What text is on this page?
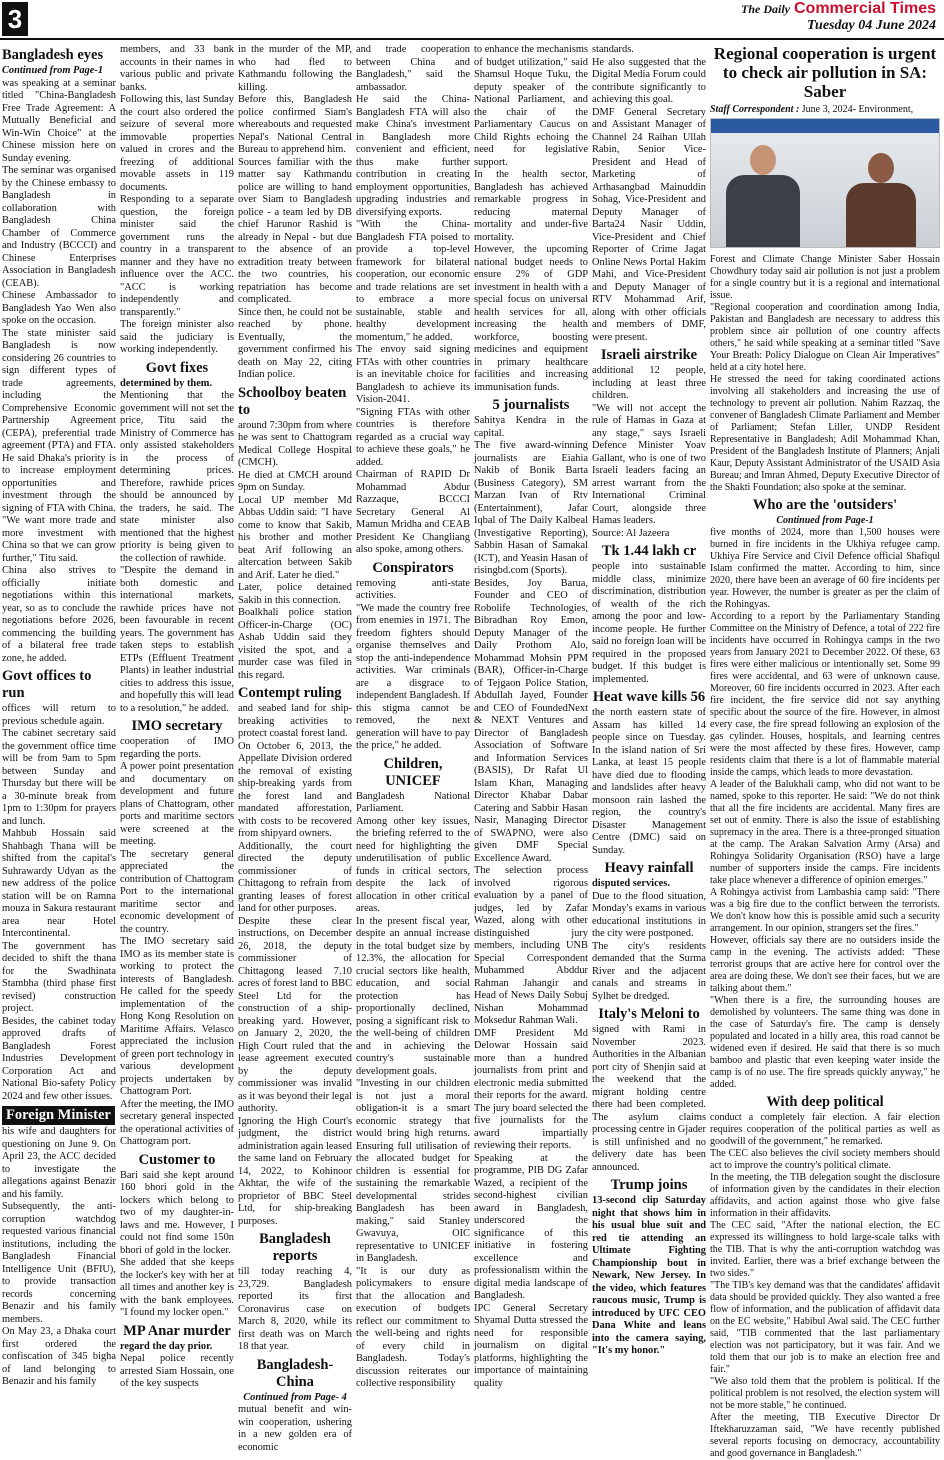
3	The Daily Commercial Times
Tuesday 04 June 2024
Bangladesh eyes

Continued from Page-1

was speaking at a seminar titled "China-Bangladesh Free Trade Agreement: A Mutually Beneficial and Win-Win Choice" at the Chinese mission here on Sunday evening.

The seminar was organised by the Chinese embassy to Bangladesh in collaboration with Bangladesh China Chamber of Commerce and Industry (BCCCI) and Chinese Enterprises Association in Bangladesh (CEAB).

Chinese Ambassador to Bangladesh Yao Wen also spoke on the occasion.

The state minister said Bangladesh is now considering 26 countries to sign different types of trade agreements, including the Comprehensive Economic Partnership Agreement (CEPA), preferential trade agreement (PTA) and FTA. He said Dhaka's priority is to increase employment opportunities and investment through the signing of FTA with China.

"We want more trade and more investment with China so that we can grow further," Titu said.

China also strives to officially initiate negotiations within this year, so as to conclude the negotiations before 2026, commencing the building of a bilateral free trade zone, he added.

Govt offices to run

offices will return to previous schedule again.

The cabinet secretary said the government office time will be from 9am to 5pm between Sunday and Thursday but there will be a 30-minute break from 1pm to 1:30pm for prayers and lunch.

Mahbub Hossain said Shahbagh Thana will be shifted from the capital's Suhrawardy Udyan as the new address of the police station will be on Ramna mouza in Sakura restaurant area near Hotel Intercontinental.

The government has decided to shift the thana for the Swadhinata Stambha (third phase first revised) construction project.

Besides, the cabinet today approved drafts of Bangladesh Forest Industries Development Corporation Act and National Bio-safety Policy 2024 and few other issues.

Foreign Minister

his wife and daughters for questioning on June 9. On April 23, the ACC decided to investigate the allegations against Benazir and his family.

Subsequently, the anti-corruption watchdog requested various financial institutions, including the Bangladesh Financial Intelligence Unit (BFIU), to provide transaction records concerning Benazir and his family members.

On May 23, a Dhaka court first ordered the confiscation of 345 bigha of land belonging to Benazir and his family

members, and 33 bank accounts in their names in various public and private banks.

Following this, last Sunday the court also ordered the seizure of several more immovable properties valued in crores and the freezing of additional movable assets in 119 documents.

Responding to a separate question, the foreign minister said the government runs the country in a transparent manner and they have no influence over the ACC. "ACC is working independently and transparently."

The foreign minister also said the judiciary is working independently.

Govt fixes

determined by them.

Mentioning that the government will not set the price, Titu said the Ministry of Commerce has only assisted stakeholders in the process of determining prices. Therefore, rawhide prices should be announced by the traders, he said. The state minister also mentioned that the highest priority is being given to the collection of rawhide.

"Despite the demand in both domestic and international markets, rawhide prices have not been favourable in recent years. The government has taken steps to establish ETPs (Effluent Treatment Plants) in leather industrial cities to address this issue, and hopefully this will lead to a resolution," he added.

IMO secretary

cooperation of IMO regarding the ports.

A power point presentation and documentary on development and future plans of Chattogram, other ports and maritime sectors were screened at the meeting.

The secretary general appreciated the contribution of Chattogram Port to the international maritime sector and economic development of the country.

The IMO secretary said IMO as its member state is working to protect the interests of Bangladesh. He called for the speedy implementation of the Hong Kong Resolution on Maritime Affairs. Velasco appreciated the inclusion of green port technology in various development projects undertaken by Chattogram Port.

After the meeting, the IMO secretary general inspected the operational activities of Chattogram port.

Customer to

Bari said she kept around 160 bhori gold in the lockers which belong to two of my daughter-in-laws and me. However, I could not find some 150n bhori of gold in the locker.

She added that she keeps the locker's key with her at all times and another key is with the bank employees. "I found my locker open."

MP Anar murder

regard the day prior.

Nepal police recently arrested Siam Hossain, one of the key suspects

in the murder of the MP, who had fled to Kathmandu following the killing.

Before this, Bangladesh police confirmed Siam's whereabouts and requested Nepal's National Central Bureau to apprehend him.

Sources familiar with the matter say Kathmandu police are willing to hand over Siam to Bangladesh police - a team led by DB chief Harunor Rashid is already in Nepal - but due to the absence of an extradition treaty between the two countries, his repatriation has become complicated.

Since then, he could not be reached by phone. Eventually, the government confirmed his death on May 22, citing Indian police.

Schoolboy beaten to

around 7:30pm from where he was sent to Chattogram Medical College Hospital (CMCH).

He died at CMCH around 9pm on Sunday.

Local UP member Md Abbas Uddin said: "I have come to know that Sakib, his brother and mother beat Arif following an altercation between Sakib and Arif. Later he died."

Later, police detained Sakib in this connection.

Boalkhali police station Officer-in-Charge (OC) Ashab Uddin said they visited the spot, and a murder case was filed in this regard.

Contempt ruling

and seabed land for ship-breaking activities to protect coastal forest land.

On October 6, 2013, the Appellate Division ordered the removal of existing ship-breaking yards from the forest land and mandated afforestation, with costs to be recovered from shipyard owners.

Additionally, the court directed the deputy commissioner of Chittagong to refrain from granting leases of forest land for other purposes.

Despite these clear instructions, on December 26, 2018, the deputy commissioner of Chittagong leased 7.10 acres of forest land to BBC Steel Ltd for the construction of a ship-breaking yard. However, on January 2, 2020, the High Court ruled that the lease agreement executed by the deputy commissioner was invalid as it was beyond their legal authority.

Ignoring the High Court's judgment, the district administration again leased the same land on February 14, 2022, to Kohinoor Akhtar, the wife of the proprietor of BBC Steel Ltd, for ship-breaking purposes.

Bangladesh reports

till today reaching 4, 23,729. Bangladesh reported its first Coronavirus case on March 8, 2020, while its first death was on March 18 that year.

Bangladesh-China

Continued from Page- 4

mutual benefit and win-win cooperation, ushering in a new golden era of economic

and trade cooperation between China and Bangladesh," said the ambassador.

He said the China-Bangladesh FTA will also make China's investment in Bangladesh more convenient and efficient, thus make further contribution in creating employment opportunities, upgrading industries and diversifying exports.

"With the China-Bangladesh FTA poised to provide a top-level framework for bilateral cooperation, our economic and trade relations are set to embrace a more sustainable, stable and healthy development momentum," he added.

The envoy said signing FTAs with other countries is an inevitable choice for Bangladesh to achieve its Vision-2041.

"Signing FTAs with other countries is therefore regarded as a crucial way to achieve these goals," he added.

Chairman of RAPID Dr Mohammad Abdur Razzaque, BCCCI Secretary General Al Mamun Mridha and CEAB President Ke Changliang also spoke, among others.

Conspirators

removing anti-state activities.

"We made the country free from enemies in 1971. The freedom fighters should organise themselves and stop the anti-independence activities. War criminals are a disgrace to independent Bangladesh. If this stigma cannot be removed, the next generation will have to pay the price," he added.

Children, UNICEF

Bangladesh National Parliament.

Among other key issues, the briefing referred to the need for highlighting the underutilisation of public funds in critical sectors, despite the lack of allocation in other critical areas.

In the present fiscal year, despite an annual increase in the total budget size by 12.3%, the allocation for crucial sectors like health, education, and social protection has proportionally declined, posing a significant risk to the well-being of children and in achieving the country's sustainable development goals.

"Investing in our children is not just a moral obligation-it is a smart economic strategy that would bring high returns. Ensuring full utilisation of the allocated budget for children is essential for sustaining the remarkable developmental strides Bangladesh has been making," said Stanley Gwavuya, OIC representative to UNICEF in Bangladesh.

"It is our duty as policymakers to ensure that the allocation and execution of budgets reflect our commitment to the well-being and rights of every child in Bangladesh. Today's discussion reiterates our collective responsibility

to enhance the mechanisms of budget utilization," said Shamsul Hoque Tuku, the deputy speaker of the National Parliament, and the chair of the Parliamentary Caucus on Child Rights echoing the need for legislative support.

In the health sector, Bangladesh has achieved remarkable progress in reducing maternal mortality and under-five mortality.

However, the upcoming national budget needs to ensure 2% of GDP investment in health with a special focus on universal health services for all, increasing the health workforce, boosting medicines and equipment in primary healthcare facilities and increasing immunisation funds.

5 journalists

Sahitya Kendra in the capital.

The five award-winning journalists are Eiahia Nakib of Bonik Barta (Business Category), SM Marzan Ivan of Rtv (Entertainment), Jafar Iqbal of The Daily Kalbeal (Investigative Reporting), Sabbin Hasan of Samakal (ICT), and Yeasin Hasan of risingbd.com (Sports).

Besides, Joy Barua, Founder and CEO of Robolife Technologies, Bibradhan Roy Emon, Deputy Manager of the Daily Prothom Alo, Mohammad Mohsin PPM (BAR), Officer-in-Charge of Tejgaon Police Station, Abdullah Jayed, Founder and CEO of FoundedNext & NEXT Ventures and Director of Bangladesh Association of Software and Information Services (BASIS), Dr Rafat Ul Islam Khan, Managing Director Khabar Dabar Catering and Sabbir Hasan Nasir, Managing Director of SWAPNO, were also given DMF Special Excellence Award.

The selection process involved rigorous evaluation by a panel of judges, led by Zafar Wazed, along with other distinguished jury members, including UNB Special Correspondent Muhammed Abddur Rahman Jahangir and Head of News Daily Sobuj Nishan Mohammad Moksedur Rahman Wali.

DMF President Md Delowar Hossain said more than a hundred journalists from print and electronic media submitted their reports for the award. The jury board selected the five journalists for the award impartially reviewing their reports.

Speaking at the programme, PIB DG Zafar Wazed, a recipient of the second-highest civilian award in Bangladesh, underscored the significance of this initiative in fostering excellence and professionalism within the digital media landscape of Bangladesh.

IPC General Secretary Shyamal Dutta stressed the need for responsible journalism on digital platforms, highlighting the importance of maintaining quality

standards.

He also suggested that the Digital Media Forum could contribute significantly to achieving this goal.

DMF General Secretary and Assistant Manager of Channel 24 Raihan Ullah Rabin, Senior Vice-President and Head of Marketing of Arthasangbad Mainuddin Sohag, Vice-President and Deputy Manager of Barta24 Nasir Uddin, Vice-President and Chief Reporter of Crime Jagat Online News Portal Hakim Mahi, and Vice-President and Deputy Manager of RTV Mohammad Arif, along with other officials and members of DMF, were present.

Israeli airstrike

additional 12 people, including at least three children.

"We will not accept the rule of Hamas in Gaza at any stage," says Israeli Defence Minister Yoav Gallant, who is one of two Israeli leaders facing an arrest warrant from the International Criminal Court, alongside three Hamas leaders.

Source: Al Jazeera

Tk 1.44 lakh cr

people into sustainable middle class, minimize discrimination, distribution of wealth of the rich among the poor and low-income people. He further said no foreign loan will be required in the proposed budget. If this budget is implemented.

Heat wave kills 56

the north eastern state of Assam has killed 14 people since on Tuesday. In the island nation of Sri Lanka, at least 15 people have died due to flooding and landslides after heavy monsoon rain lashed the region, the country's Disaster Management Centre (DMC) said on Sunday.

Heavy rainfall

disputed services.

Due to the flood situation, Monday's exams in various educational institutions in the city were postponed.

The city's residents demanded that the Surma River and the adjacent canals and streams in Sylhet be dredged.

Italy's Meloni to

signed with Rami in November 2023. Authorities in the Albanian port city of Shenjin said at the weekend that the migrant holding centre there had been completed. The asylum claims processing centre in Gjader is still unfinished and no delivery date has been announced.

Trump joins

13-second clip Saturday night that shows him in his usual blue suit and red tie attending an Ultimate Fighting Championship bout in Newark, New Jersey. In the video, which features raucous music, Trump is introduced by UFC CEO Dana White and leans into the camera saying, "It's my honor."

Regional cooperation is urgent to check air pollution in SA: Saber

Staff Correspondent : June 3, 2024- Environment,

Forest and Climate Change Minister Saber Hossain Chowdhury today said air pollution is not just a problem for a single country but it is a regional and international issue.

"Regional cooperation and coordination among India, Pakistan and Bangladesh are necessary to address this problem since air pollution of one country affects others," he said while speaking at a seminar titled "Save Your Breath: Policy Dialogue on Clean Air Imperatives" held at a city hotel here.

He stressed the need for taking coordinated actions involving all stakeholders and increasing the use of technology to prevent air pollution. Nahim Razzaq, the convener of Bangladesh Climate Parliament and Member of Parliament; Stefan Liller, UNDP Resident Representative in Bangladesh; Adil Mohammad Khan, President of the Bangladesh Institute of Planners; Anjali Kaur, Deputy Assistant Administrator of the USAID Asia Bureau; and Imran Ahmed, Deputy Executive Director of the Shakti Foundation; also spoke at the seminar.

Who are the 'outsiders'

Continued from Page-1

five months of 2024, more than 1,500 houses were burned in fire incidents in the Ukhiya refugee camp. Ukhiya Fire Service and Civil Defence official Shafiqul Islam confirmed the matter. According to him, since 2020, there have been an average of 60 fire incidents per year. However, the number is greater as per the claim of the Rohingyas.

According to a report by the Parliamentary Standing Committee on the Ministry of Defence, a total of 222 fire incidents have occurred in Rohingya camps in the two years from January 2021 to December 2022. Of these, 63 fires were either malicious or intentionally set. Some 99 fires were accidental, and 63 were of unknown cause. Moreover, 60 fire incidents occurred in 2023. After each fire incident, the fire service did not say anything specific about the source of the fire. However, in almost every case, the fire spread following an explosion of the gas cylinder. Houses, hospitals, and learning centres were the most affected by these fires. However, camp residents claim that there is a lot of flammable material inside the camps, which leads to more devastation.

A leader of the Balukhali camp, who did not want to be named, spoke to this reporter. He said: "We do not think that all the fire incidents are accidental. Many fires are set out of enmity. There is also the issue of establishing supremacy in the area. There is a three-pronged situation at the camp. The Arakan Salvation Army (Arsa) and Rohingya Solidarity Organisation (RSO) have a large number of supporters inside the camps. Fire incidents take place whenever a difference of opinion emerges."

A Rohingya activist from Lambashia camp said: "There was a big fire due to the conflict between the terrorists. We don't know how this is possible amid such a security arrangement. In our opinion, strangers set the fires."

However, officials say there are no outsiders inside the camp in the evening. The activists added: "These terrorist groups that are active here for control over the area are doing these. We don't see their faces, but we are talking about them."

"When there is a fire, the surrounding houses are demolished by volunteers. The same thing was done in the case of Saturday's fire. The camp is densely populated and located in a hilly area, this road cannot be widened even if desired. He said that there is so much bamboo and plastic that even keeping water inside the camp is of no use. The fire spreads quickly anyway," he added.

With deep political

conduct a completely fair election. A fair election requires cooperation of the political parties as well as goodwill of the government," he remarked.

The CEC also believes the civil society members should act to improve the country's political climate.

In the meeting, the TIB delegation sought the disclosure of information given by the candidates in their election affidavits, and action against those who give false information in their affidavits.

The CEC said, "After the national election, the EC expressed its willingness to hold large-scale talks with the TIB. That is why the anti-corruption watchdog was invited. Earlier, there was a brief exchange between the two sides."

"The TIB's key demand was that the candidates' affidavit data should be provided quickly. They also wanted a free flow of information, and the publication of affidavit data on the EC website," Habibul Awal said. The CEC further said, "TIB commented that the last parliamentary election was not participatory, but it was fair. And we told them that our job is to make an election free and fair."

"We also told them that the problem is political. If the political problem is not resolved, the election system will not be more stable," he continued.

After the meeting, TIB Executive Director Dr Iftekharuzzaman said, "We have recently published several reports focusing on democracy, accountability and good governance in Bangladesh."
